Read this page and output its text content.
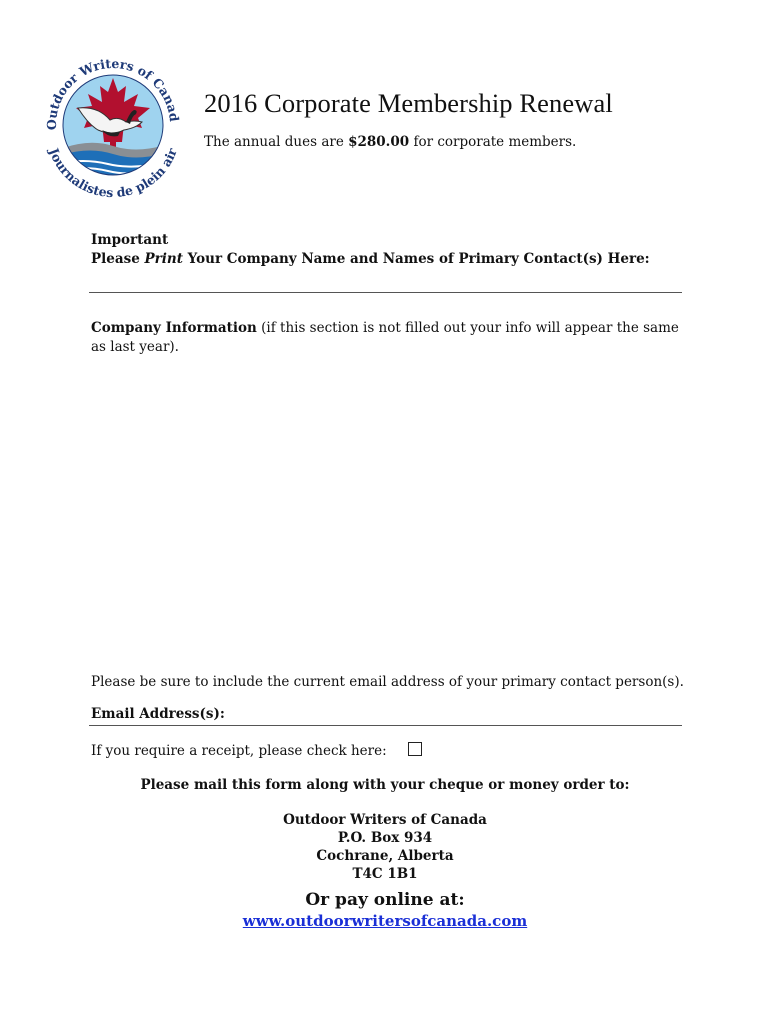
Outdoor Writers of Canad
Journalistes de plein air
2016 Corporate Membership Renewal
The annual dues are $280.00 for corporate members.
Important
Please Print Your Company Name and Names of Primary Contact(s) Here:
Company Information (if this section is not filled out your info will appear the same as last year).
Please be sure to include the current email address of your primary contact person(s).
Email Address(s):
If you require a receipt, please check here:
Please mail this form along with your cheque or money order to:
Outdoor Writers of Canada
P.O. Box 934
Cochrane, Alberta
T4C 1B1
Or pay online at:
www.outdoorwritersofcanada.com
